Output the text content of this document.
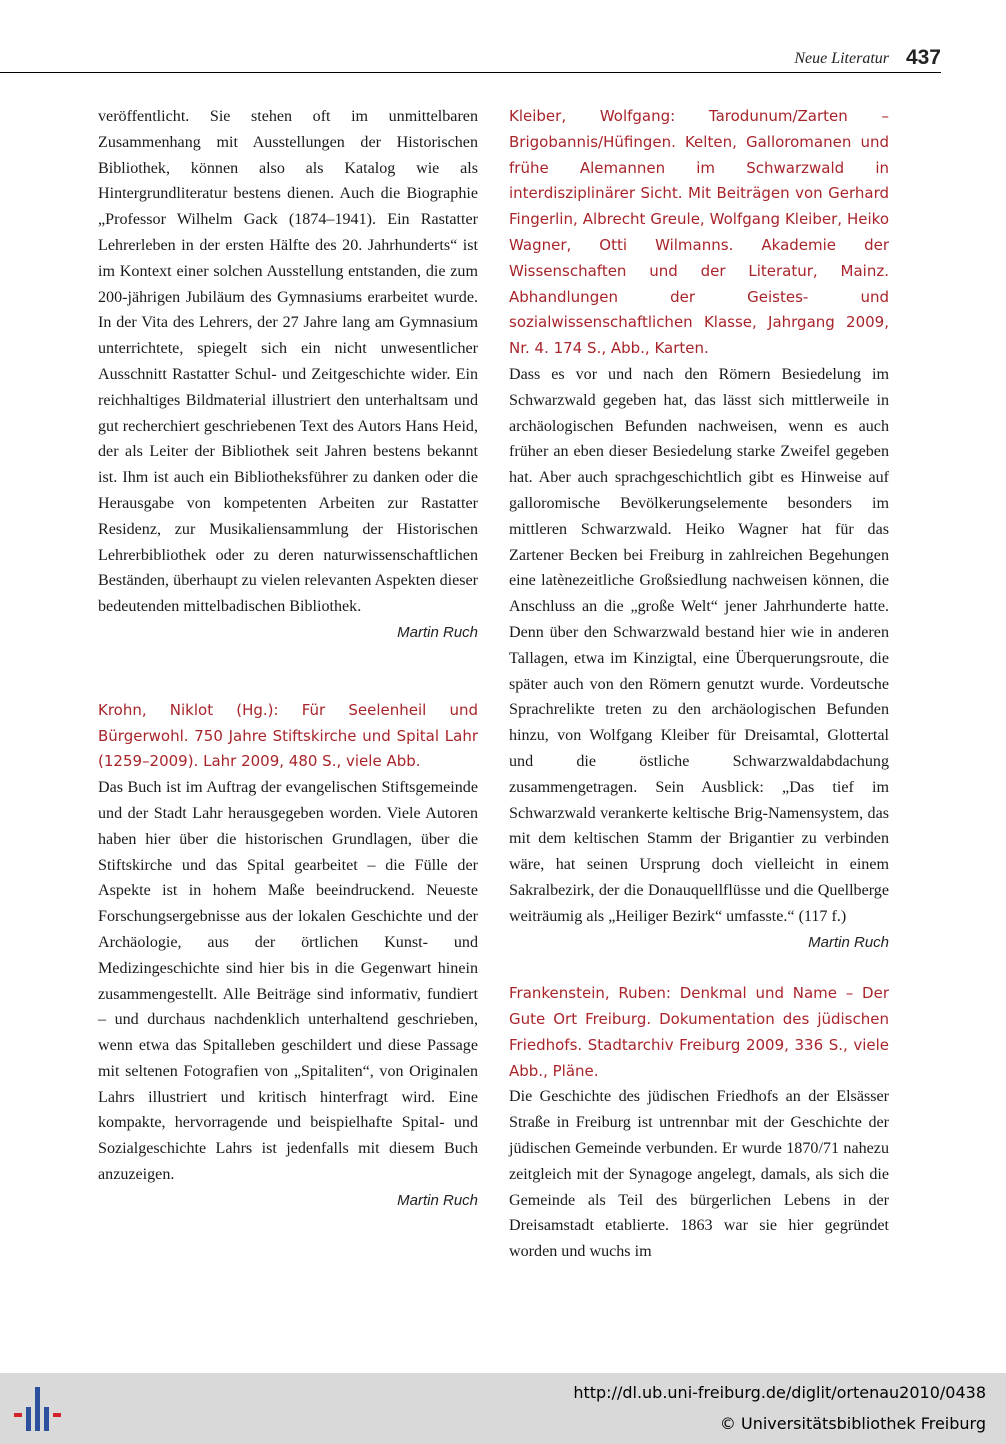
Neue Literatur 437

veröffentlicht. Sie stehen oft im unmittelbaren Zusammenhang mit Ausstellungen der Historischen Bibliothek, können also als Katalog wie als Hintergrundliteratur bestens dienen. Auch die Biographie „Professor Wilhelm Gack (1874–1941). Ein Rastatter Lehrerleben in der ersten Hälfte des 20. Jahrhunderts“ ist im Kontext einer solchen Ausstellung entstanden, die zum 200-jährigen Jubiläum des Gymnasiums erarbeitet wurde. In der Vita des Lehrers, der 27 Jahre lang am Gymnasium unterrichtete, spiegelt sich ein nicht unwesentlicher Ausschnitt Rastatter Schul- und Zeitgeschichte wider. Ein reichhaltiges Bildmaterial illustriert den unterhaltsam und gut recherchiert geschriebenen Text des Autors Hans Heid, der als Leiter der Bibliothek seit Jahren bestens bekannt ist. Ihm ist auch ein Bibliotheksführer zu danken oder die Herausgabe von kompetenten Arbeiten zur Rastatter Residenz, zur Musikaliensammlung der Historischen Lehrerbibliothek oder zu deren naturwissenschaftlichen Beständen, überhaupt zu vielen relevanten Aspekten dieser bedeutenden mittelbadischen Bibliothek.

Martin Ruch

Krohn, Niklot (Hg.): Für Seelenheil und Bürgerwohl. 750 Jahre Stiftskirche und Spital Lahr (1259–2009). Lahr 2009, 480 S., viele Abb.

Das Buch ist im Auftrag der evangelischen Stiftsgemeinde und der Stadt Lahr herausgegeben worden. Viele Autoren haben hier über die historischen Grundlagen, über die Stiftskirche und das Spital gearbeitet – die Fülle der Aspekte ist in hohem Maße beeindruckend. Neueste Forschungsergebnisse aus der lokalen Geschichte und der Archäologie, aus der örtlichen Kunst- und Medizingeschichte sind hier bis in die Gegenwart hinein zusammengestellt. Alle Beiträge sind informativ, fundiert – und durchaus nachdenklich unterhaltend geschrieben, wenn etwa das Spitalleben geschildert und diese Passage mit seltenen Fotografien von „Spitaliten“, von Originalen Lahrs illustriert und kritisch hinterfragt wird. Eine kompakte, hervorragende und beispielhafte Spital- und Sozialgeschichte Lahrs ist jedenfalls mit diesem Buch anzuzeigen.

Martin Ruch

Kleiber, Wolfgang: Tarodunum/Zarten – Brigobannis/Hüfingen. Kelten, Galloromanen und frühe Alemannen im Schwarzwald in interdisziplinärer Sicht. Mit Beiträgen von Gerhard Fingerlin, Albrecht Greule, Wolfgang Kleiber, Heiko Wagner, Otti Wilmanns. Akademie der Wissenschaften und der Literatur, Mainz. Abhandlungen der Geistes- und sozialwissenschaftlichen Klasse, Jahrgang 2009, Nr. 4. 174 S., Abb., Karten.

Dass es vor und nach den Römern Besiedelung im Schwarzwald gegeben hat, das lässt sich mittlerweile in archäologischen Befunden nachweisen, wenn es auch früher an eben dieser Besiedelung starke Zweifel gegeben hat. Aber auch sprachgeschichtlich gibt es Hinweise auf galloromische Bevölkerungselemente besonders im mittleren Schwarzwald. Heiko Wagner hat für das Zartener Becken bei Freiburg in zahlreichen Begehungen eine latènezeitliche Großsiedlung nachweisen können, die Anschluss an die „große Welt“ jener Jahrhunderte hatte. Denn über den Schwarzwald bestand hier wie in anderen Tallagen, etwa im Kinzigtal, eine Überquerungsroute, die später auch von den Römern genutzt wurde. Vordeutsche Sprachrelikte treten zu den archäologischen Befunden hinzu, von Wolfgang Kleiber für Dreisamtal, Glottertal und die östliche Schwarzwaldabdachung zusammengetragen. Sein Ausblick: „Das tief im Schwarzwald verankerte keltische Brig-Namensystem, das mit dem keltischen Stamm der Brigantier zu verbinden wäre, hat seinen Ursprung doch vielleicht in einem Sakralbezirk, der die Donauquellflüsse und die Quellberge weiträumig als „Heiliger Bezirk“ umfasste.“ (117 f.)

Martin Ruch

Frankenstein, Ruben: Denkmal und Name – Der Gute Ort Freiburg. Dokumentation des jüdischen Friedhofs. Stadtarchiv Freiburg 2009, 336 S., viele Abb., Pläne.

Die Geschichte des jüdischen Friedhofs an der Elsässer Straße in Freiburg ist untrennbar mit der Geschichte der jüdischen Gemeinde verbunden. Er wurde 1870/71 nahezu zeitgleich mit der Synagoge angelegt, damals, als sich die Gemeinde als Teil des bürgerlichen Lebens in der Dreisamstadt etablierte. 1863 war sie hier gegründet worden und wuchs im

http://dl.ub.uni-freiburg.de/diglit/ortenau2010/0438
© Universitätsbibliothek Freiburg
